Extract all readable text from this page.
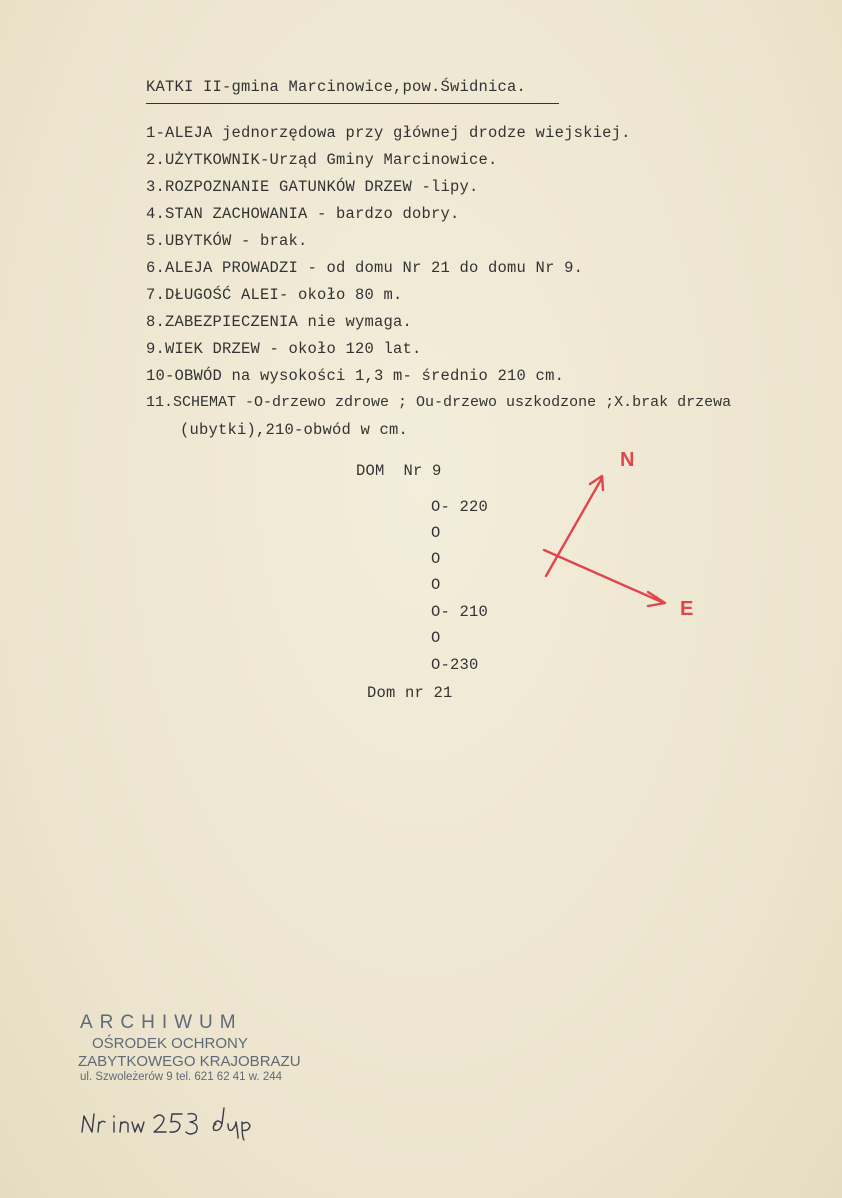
KATKI II-gmina Marcinowice,pow.Świdnica.
1-ALEJA jednorzędowa przy głównej drodze wiejskiej.
2.UŻYTKOWNIK-Urząd Gminy Marcinowice.
3.ROZPOZNANIE GATUNKÓW DRZEW -lipy.
4.STAN ZACHOWANIA - bardzo dobry.
5.UBYTKÓW - brak.
6.ALEJA PROWADZI - od domu Nr 21 do domu Nr 9.
7.DŁUGOŚĆ ALEI- około 80 m.
8.ZABEZPIECZENIA nie wymaga.
9.WIEK DRZEW - około 120 lat.
10-OBWÓD na wysokości 1,3 m- średnio 210 cm.
11.SCHEMAT -O-drzewo zdrowe ; Ou-drzewo uszkodzone ;X.brak drzewa
(ubytki),210-obwód w cm.
DOM  Nr 9
O- 220
O
O
O
O- 210
O
O-230
Dom nr 21
N
E
ARCHIWUM
OŚRODEK OCHRONY
ZABYTKOWEGO KRAJOBRAZU
ul. Szwoleżerów 9 tel. 621 62 41 w. 244
